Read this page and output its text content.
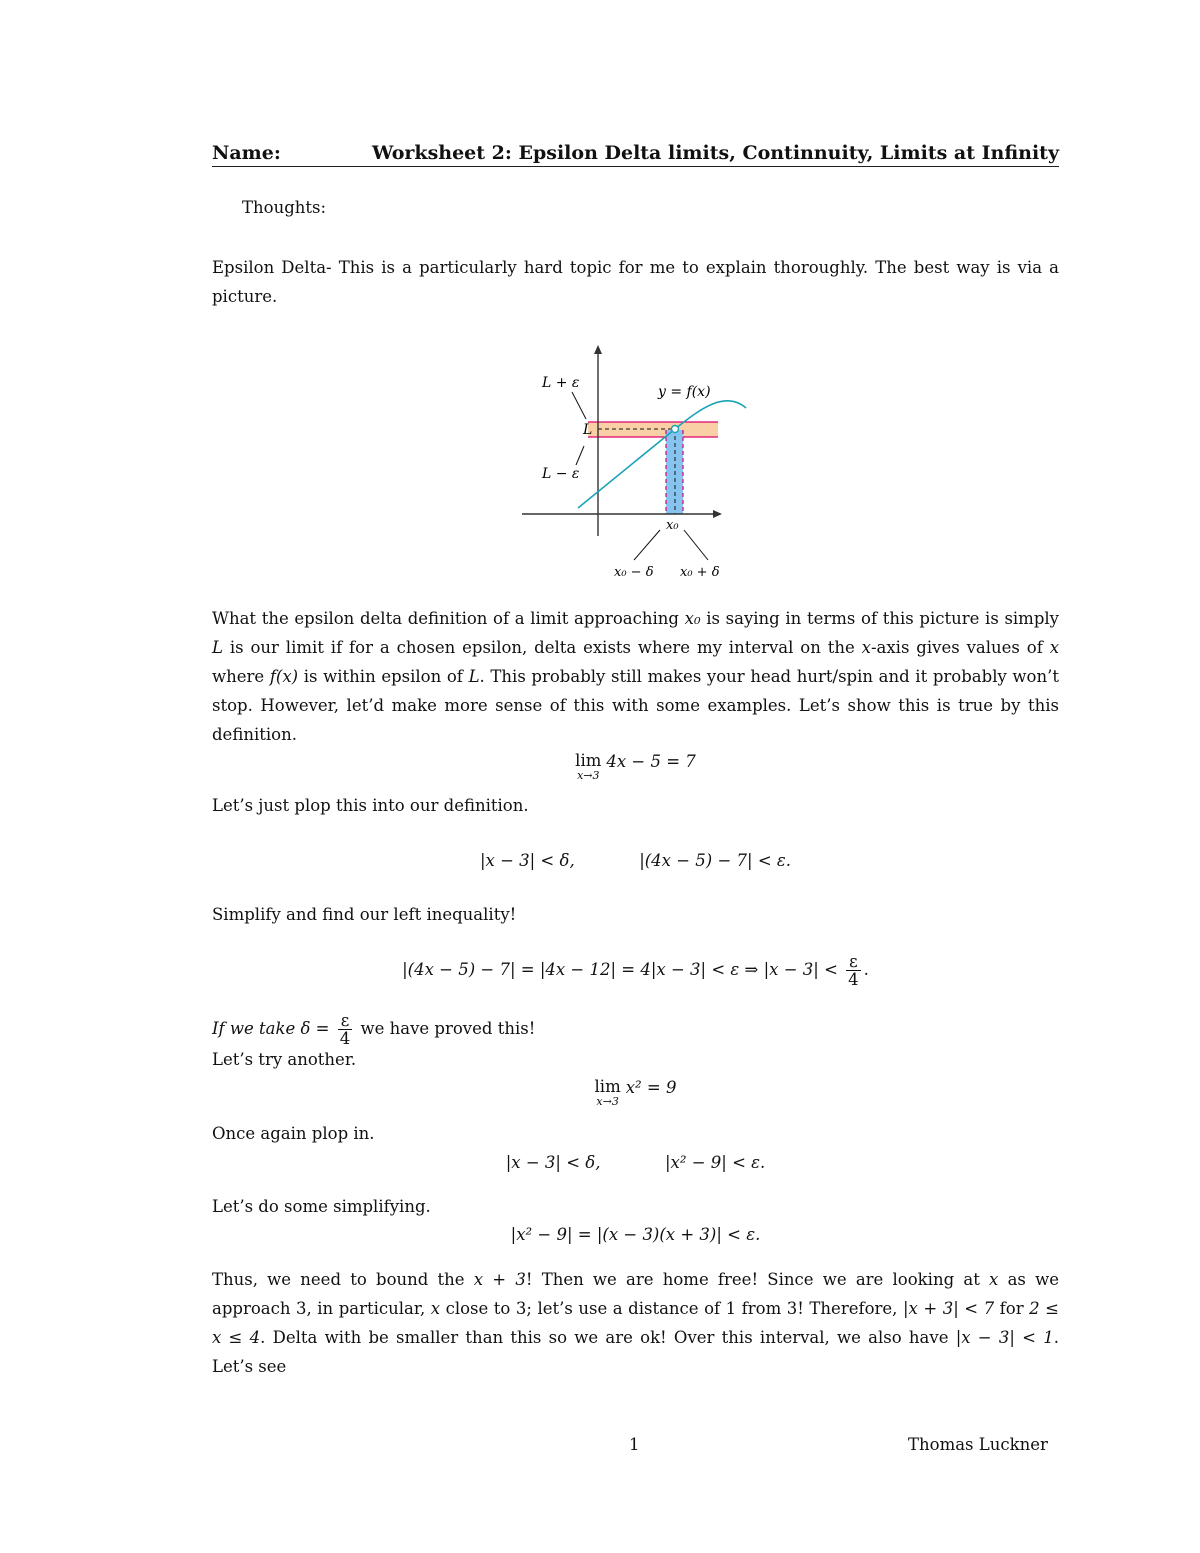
Name:	Worksheet 2: Epsilon Delta limits, Continnuity, Limits at Infinity
Thoughts:
Epsilon Delta- This is a particularly hard topic for me to explain thoroughly. The best way is via a picture.
L + ε
L
L − ε
y = f(x)
x₀
x₀ − δ x₀ + δ
What the epsilon delta definition of a limit approaching x₀ is saying in terms of this picture is simply L is our limit if for a chosen epsilon, delta exists where my interval on the x-axis gives values of x where f(x) is within epsilon of L. This probably still makes your head hurt/spin and it probably won’t stop. However, let’d make more sense of this with some examples. Let’s show this is true by this definition.
lim
x→3
4x − 5 = 7
Let’s just plop this into our definition.
|x − 3| < δ,	|(4x − 5) − 7| < ε.
Simplify and find our left inequality!
|(4x − 5) − 7| = |4x − 12| = 4|x − 3| < ε ⇒ $|x - 3| < \frac{\varepsilon}{4}$ .
If we take $\delta = \frac{\varepsilon}{4}$ we have proved this!
Let’s try another.
lim
x→3
x² = 9
Once again plop in.
|x − 3| < δ,	|x² − 9| < ε.
Let’s do some simplifying.
|x² − 9| = |(x − 3)(x + 3)| < ε.
Thus, we need to bound the x + 3! Then we are home free! Since we are looking at x as we approach 3, in particular, x close to 3; let’s use a distance of 1 from 3! Therefore, |x + 3| < 7 for 2 ≤ x ≤ 4. Delta with be smaller than this so we are ok! Over this interval, we also have |x − 3| < 1. Let’s see
1	Thomas Luckner
